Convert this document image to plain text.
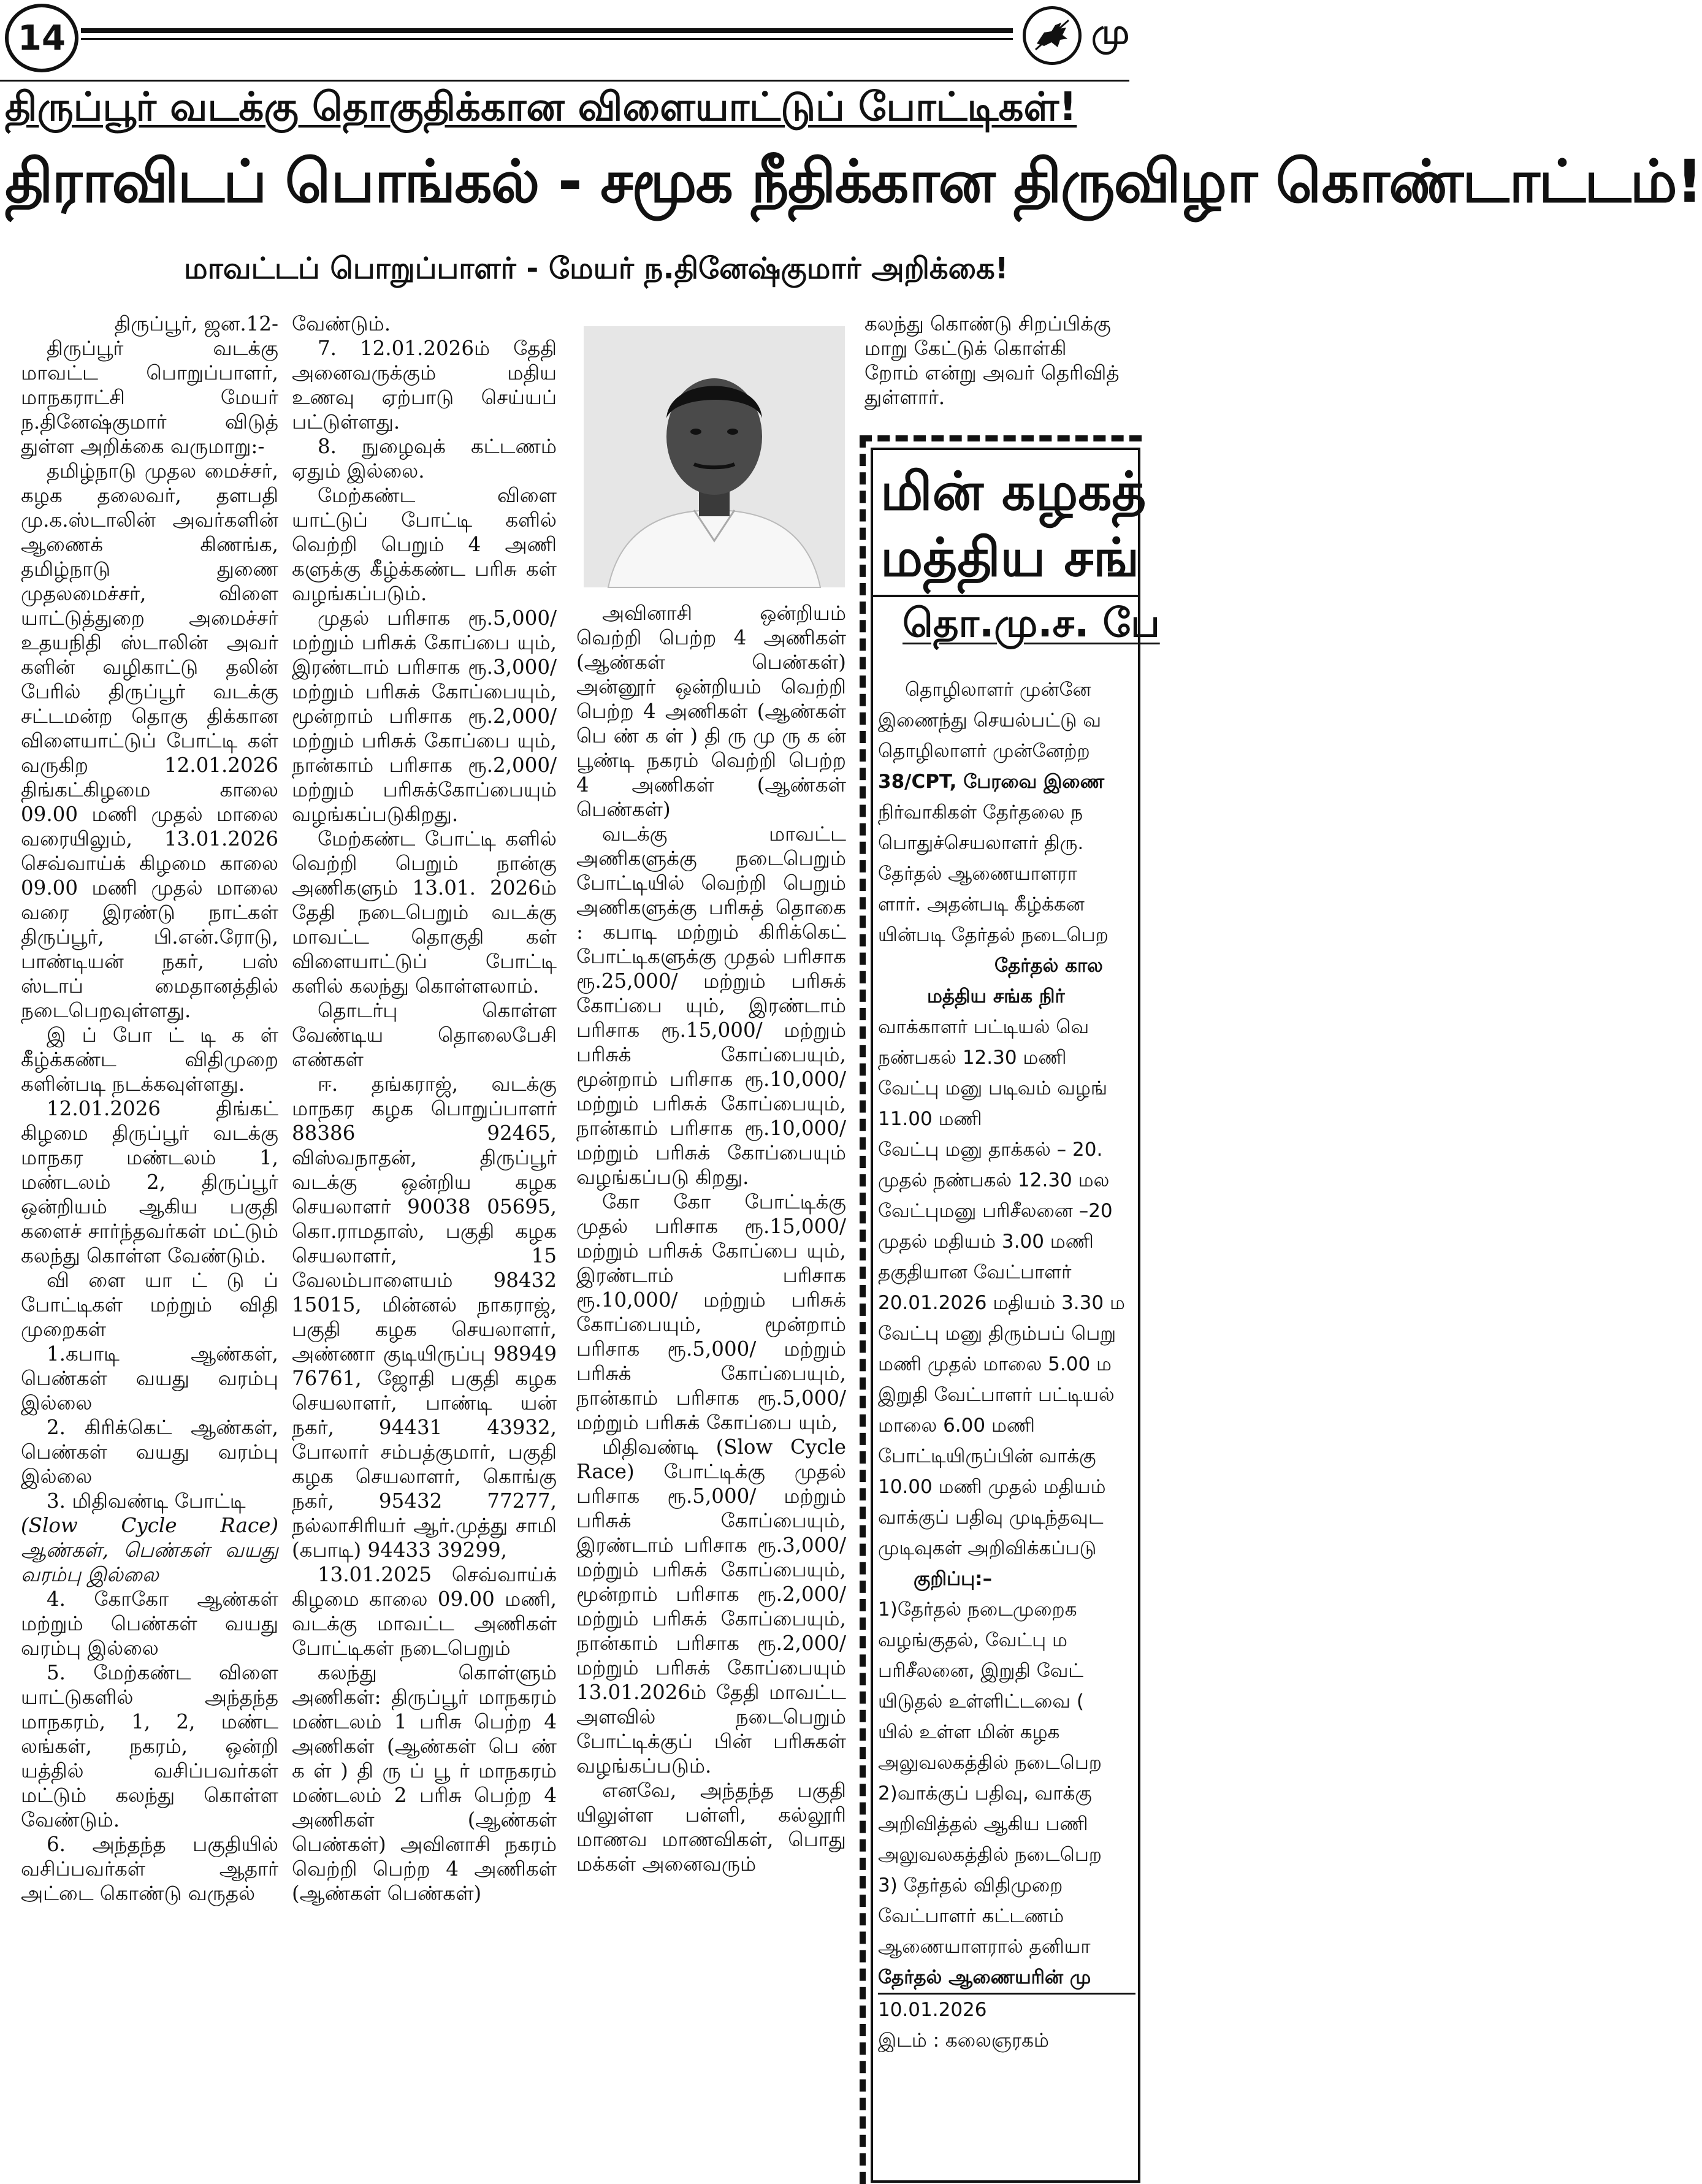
14	மு
திருப்பூர் வடக்கு தொகுதிக்கான விளையாட்டுப் போட்டிகள்!
திராவிடப் பொங்கல் - சமூக நீதிக்கான திருவிழா கொண்டாட்டம்!
மாவட்டப் பொறுப்பாளர் - மேயர் ந.தினேஷ்குமார் அறிக்கை!

திருப்பூர், ஜன.12-

திருப்பூர் வடக்கு மாவட்ட பொறுப்பாளர், மாநகராட்சி மேயர் ந.தினேஷ்குமார் விடுத் துள்ள அறிக்கை வருமாறு:-

தமிழ்நாடு முதல மைச்சர், கழக தலைவர், தளபதி மு.க.ஸ்டாலின் அவர்களின் ஆணைக் கிணங்க, தமிழ்நாடு துணை முதலமைச்சர், விளை யாட்டுத்துறை அமைச்சர் உதயநிதி ஸ்டாலின் அவர் களின் வழிகாட்டு தலின் பேரில் திருப்பூர் வடக்கு சட்டமன்ற தொகு திக்கான விளையாட்டுப் போட்டி கள் வருகிற 12.01.2026 திங்கட்கிழமை காலை 09.00 மணி முதல் மாலை வரையிலும், 13.01.2026 செவ்வாய்க் கிழமை காலை 09.00 மணி முதல் மாலை வரை இரண்டு நாட்கள் திருப்பூர், பி.என்.ரோடு, பாண்டியன் நகர், பஸ் ஸ்டாப் மைதானத்தில் நடைபெறவுள்ளது.

இ ப் போ ட் டி க ள் கீழ்க்கண்ட விதிமுறை களின்படி நடக்கவுள்ளது.

12.01.2026 திங்கட் கிழமை திருப்பூர் வடக்கு மாநகர மண்டலம் 1, மண்டலம் 2, திருப்பூர் ஒன்றியம் ஆகிய பகுதி களைச் சார்ந்தவர்கள் மட்டும் கலந்து கொள்ள வேண்டும்.

வி ளை யா ட் டு ப் போட்டிகள் மற்றும் விதி முறைகள்

1.கபாடி ஆண்கள், பெண்கள் வயது வரம்பு இல்லை

2. கிரிக்கெட் ஆண்கள், பெண்கள் வயது வரம்பு இல்லை

3. மிதிவண்டி போட்டி

(Slow Cycle Race) ஆண்கள், பெண்கள் வயது வரம்பு இல்லை

4. கோகோ ஆண்கள் மற்றும் பெண்கள் வயது வரம்பு இல்லை

5. மேற்கண்ட விளை யாட்டுகளில் அந்தந்த மாநகரம், 1, 2, மண்ட லங்கள், நகரம், ஒன்றி யத்தில் வசிப்பவர்கள் மட்டும் கலந்து கொள்ள வேண்டும்.

6. அந்தந்த பகுதியில் வசிப்பவர்கள் ஆதார் அட்டை கொண்டு வருதல்

வேண்டும்.

7. 12.01.2026ம் தேதி அனைவருக்கும் மதிய உணவு ஏற்பாடு செய்யப் பட்டுள்ளது.

8. நுழைவுக் கட்டணம் ஏதும் இல்லை.

மேற்கண்ட விளை யாட்டுப் போட்டி களில் வெற்றி பெறும் 4 அணி களுக்கு கீழ்க்கண்ட பரிசு கள் வழங்கப்படும்.

முதல் பரிசாக ரூ.5,000/ மற்றும் பரிசுக் கோப்பை யும், இரண்டாம் பரிசாக ரூ.3,000/ மற்றும் பரிசுக் கோப்பையும், மூன்றாம் பரிசாக ரூ.2,000/ மற்றும் பரிசுக் கோப்பை யும், நான்காம் பரிசாக ரூ.2,000/ மற்றும் பரிசுக்கோப்பையும் வழங்கப்படுகிறது.

மேற்கண்ட போட்டி களில் வெற்றி பெறும் நான்கு அணிகளும் 13.01. 2026ம் தேதி நடைபெறும் வடக்கு மாவட்ட தொகுதி கள் விளையாட்டுப் போட்டி களில் கலந்து கொள்ளலாம்.

தொடர்பு கொள்ள வேண்டிய தொலைபேசி எண்கள்

ஈ. தங்கராஜ், வடக்கு மாநகர கழக பொறுப்பாளர் 88386 92465, விஸ்வநாதன், திருப்பூர் வடக்கு ஒன்றிய கழக செயலாளர் 90038 05695, கொ.ராமதாஸ், பகுதி கழக செயலாளர், 15 வேலம்பாளையம் 98432 15015, மின்னல் நாகராஜ், பகுதி கழக செயலாளர், அண்ணா குடியிருப்பு 98949 76761, ஜோதி பகுதி கழக செயலாளர், பாண்டி யன் நகர், 94431 43932, போலார் சம்பத்குமார், பகுதி கழக செயலாளர், கொங்கு நகர், 95432 77277, நல்லாசிரியர் ஆர்.முத்து சாமி (கபாடி) 94433 39299,

13.01.2025 செவ்வாய்க் கிழமை காலை 09.00 மணி, வடக்கு மாவட்ட அணிகள் போட்டிகள் நடைபெறும்

கலந்து கொள்ளும் அணிகள்: திருப்பூர் மாநகரம் மண்டலம் 1 பரிசு பெற்ற 4 அணிகள் (ஆண்கள் பெ ண் க ள் ) தி ரு ப் பூ ர் மாநகரம் மண்டலம் 2 பரிசு பெற்ற 4 அணிகள் (ஆண்கள் பெண்கள்) அவினாசி நகரம் வெற்றி பெற்ற 4 அணிகள் (ஆண்கள் பெண்கள்)

அவினாசி ஒன்றியம் வெற்றி பெற்ற 4 அணிகள் (ஆண்கள் பெண்கள்) அன்னூர் ஒன்றியம் வெற்றி பெற்ற 4 அணிகள் (ஆண்கள் பெ ண் க ள் ) தி ரு மு ரு க ன் பூண்டி நகரம் வெற்றி பெற்ற 4 அணிகள் (ஆண்கள் பெண்கள்)

வடக்கு மாவட்ட அணிகளுக்கு நடைபெறும் போட்டியில் வெற்றி பெறும் அணிகளுக்கு பரிசுத் தொகை : கபாடி மற்றும் கிரிக்கெட் போட்டிகளுக்கு முதல் பரிசாக ரூ.25,000/ மற்றும் பரிசுக் கோப்பை யும், இரண்டாம் பரிசாக ரூ.15,000/ மற்றும் பரிசுக் கோப்பையும், மூன்றாம் பரிசாக ரூ.10,000/ மற்றும் பரிசுக் கோப்பையும், நான்காம் பரிசாக ரூ.10,000/ மற்றும் பரிசுக் கோப்பையும் வழங்கப்படு கிறது.

கோ கோ போட்டிக்கு முதல் பரிசாக ரூ.15,000/ மற்றும் பரிசுக் கோப்பை யும், இரண்டாம் பரிசாக ரூ.10,000/ மற்றும் பரிசுக் கோப்பையும், மூன்றாம் பரிசாக ரூ.5,000/ மற்றும் பரிசுக் கோப்பையும், நான்காம் பரிசாக ரூ.5,000/ மற்றும் பரிசுக் கோப்பை யும்,

மிதிவண்டி (Slow Cycle Race) போட்டிக்கு முதல் பரிசாக ரூ.5,000/ மற்றும் பரிசுக் கோப்பையும், இரண்டாம் பரிசாக ரூ.3,000/ மற்றும் பரிசுக் கோப்பையும், மூன்றாம் பரிசாக ரூ.2,000/ மற்றும் பரிசுக் கோப்பையும், நான்காம் பரிசாக ரூ.2,000/ மற்றும் பரிசுக் கோப்பையும் 13.01.2026ம் தேதி மாவட்ட அளவில் நடைபெறும் போட்டிக்குப் பின் பரிசுகள் வழங்கப்படும்.

எனவே, அந்தந்த பகுதி யிலுள்ள பள்ளி, கல்லூரி மாணவ மாணவிகள், பொது மக்கள் அனைவரும்

கலந்து கொண்டு சிறப்பிக்கு
மாறு கேட்டுக் கொள்கி
றோம் என்று அவர் தெரிவித்
துள்ளார்.
மின் கழகத்
மத்திய சங்
தொ.மு.ச. பே
தொழிலாளர் முன்னே
இணைந்து செயல்பட்டு வ
தொழிலாளர் முன்னேற்ற
38/CPT, பேரவை இணை
நிர்வாகிகள் தேர்தலை ந
பொதுச்செயலாளர் திரு.
தேர்தல் ஆணையாளரா
ளார். அதன்படி கீழ்க்கன
யின்படி தேர்தல் நடைபெற
தேர்தல் கால
மத்திய சங்க நிர்
வாக்காளர் பட்டியல் வெ
நண்பகல் 12.30 மணி
வேட்பு மனு படிவம் வழங்
11.00 மணி
வேட்பு மனு தாக்கல் – 20.
முதல் நண்பகல் 12.30 மல
வேட்புமனு பரிசீலனை –20
முதல் மதியம் 3.00 மணி
தகுதியான வேட்பாளர்
20.01.2026 மதியம் 3.30 ம
வேட்பு மனு திரும்பப் பெறு
மணி முதல் மாலை 5.00 ம
இறுதி வேட்பாளர் பட்டியல்
மாலை 6.00 மணி
போட்டியிருப்பின் வாக்கு
10.00 மணி முதல் மதியம்
வாக்குப் பதிவு முடிந்தவுட
முடிவுகள் அறிவிக்கப்படு
குறிப்பு:–
1)தேர்தல் நடைமுறைக
வழங்குதல், வேட்பு ம
பரிசீலனை, இறுதி வேட்
யிடுதல் உள்ளிட்டவை (
யில் உள்ள மின் கழக
அலுவலகத்தில் நடைபெற
2)வாக்குப் பதிவு, வாக்கு
அறிவித்தல் ஆகிய பணி
அலுவலகத்தில் நடைபெற
3) தேர்தல் விதிமுறை
வேட்பாளர் கட்டணம்
ஆணையாளரால் தனியா
தேர்தல் ஆணையரின் மு
10.01.2026
இடம் : கலைஞரகம்
